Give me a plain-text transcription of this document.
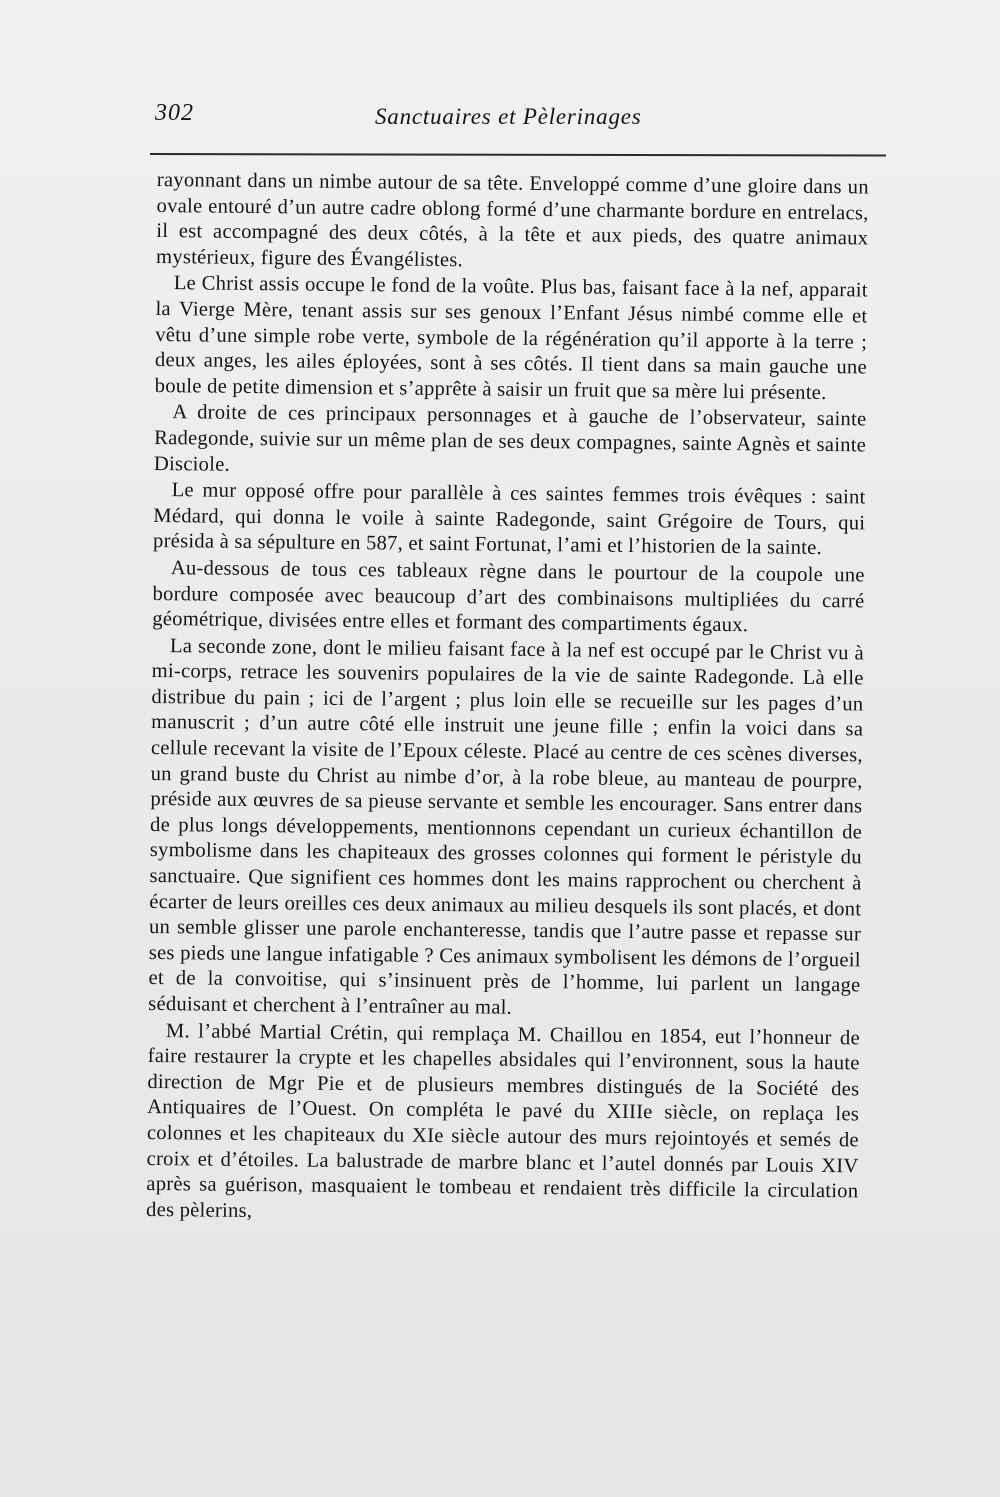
302	Sanctuaires et Pèlerinages

rayonnant dans un nimbe autour de sa tête. Enveloppé comme d’une gloire dans un ovale entouré d’un autre cadre oblong formé d’une charmante bordure en entrelacs, il est accompagné des deux côtés, à la tête et aux pieds, des quatre animaux mystérieux, figure des Évangélistes.

Le Christ assis occupe le fond de la voûte. Plus bas, faisant face à la nef, apparait la Vierge Mère, tenant assis sur ses genoux l’Enfant Jésus nimbé comme elle et vêtu d’une simple robe verte, symbole de la régénération qu’il apporte à la terre ; deux anges, les ailes éployées, sont à ses côtés. Il tient dans sa main gauche une boule de petite dimension et s’apprête à saisir un fruit que sa mère lui présente.

A droite de ces principaux personnages et à gauche de l’observateur, sainte Radegonde, suivie sur un même plan de ses deux compagnes, sainte Agnès et sainte Disciole.

Le mur opposé offre pour parallèle à ces saintes femmes trois évêques : saint Médard, qui donna le voile à sainte Radegonde, saint Grégoire de Tours, qui présida à sa sépulture en 587, et saint Fortunat, l’ami et l’historien de la sainte.

Au-dessous de tous ces tableaux règne dans le pourtour de la coupole une bordure composée avec beaucoup d’art des combinaisons multipliées du carré géométrique, divisées entre elles et formant des compartiments égaux.

La seconde zone, dont le milieu faisant face à la nef est occupé par le Christ vu à mi-corps, retrace les souvenirs populaires de la vie de sainte Radegonde. Là elle distribue du pain ; ici de l’argent ; plus loin elle se recueille sur les pages d’un manuscrit ; d’un autre côté elle instruit une jeune fille ; enfin la voici dans sa cellule recevant la visite de l’Epoux céleste. Placé au centre de ces scènes diverses, un grand buste du Christ au nimbe d’or, à la robe bleue, au manteau de pourpre, préside aux œuvres de sa pieuse servante et semble les encourager. Sans entrer dans de plus longs développements, mentionnons cependant un curieux échantillon de symbolisme dans les chapiteaux des grosses colonnes qui forment le péristyle du sanctuaire. Que signifient ces hommes dont les mains rapprochent ou cherchent à écarter de leurs oreilles ces deux animaux au milieu desquels ils sont placés, et dont un semble glisser une parole enchanteresse, tandis que l’autre passe et repasse sur ses pieds une langue infatigable ? Ces animaux symbolisent les démons de l’orgueil et de la convoitise, qui s’insinuent près de l’homme, lui parlent un langage séduisant et cherchent à l’entraîner au mal.

M. l’abbé Martial Crétin, qui remplaça M. Chaillou en 1854, eut l’honneur de faire restaurer la crypte et les chapelles absidales qui l’environnent, sous la haute direction de Mgr Pie et de plusieurs membres distingués de la Société des Antiquaires de l’Ouest. On compléta le pavé du XIIIe siècle, on replaça les colonnes et les chapiteaux du XIe siècle autour des murs rejointoyés et semés de croix et d’étoiles. La balustrade de marbre blanc et l’autel donnés par Louis XIV après sa guérison, masquaient le tombeau et rendaient très difficile la circulation des pèlerins,
